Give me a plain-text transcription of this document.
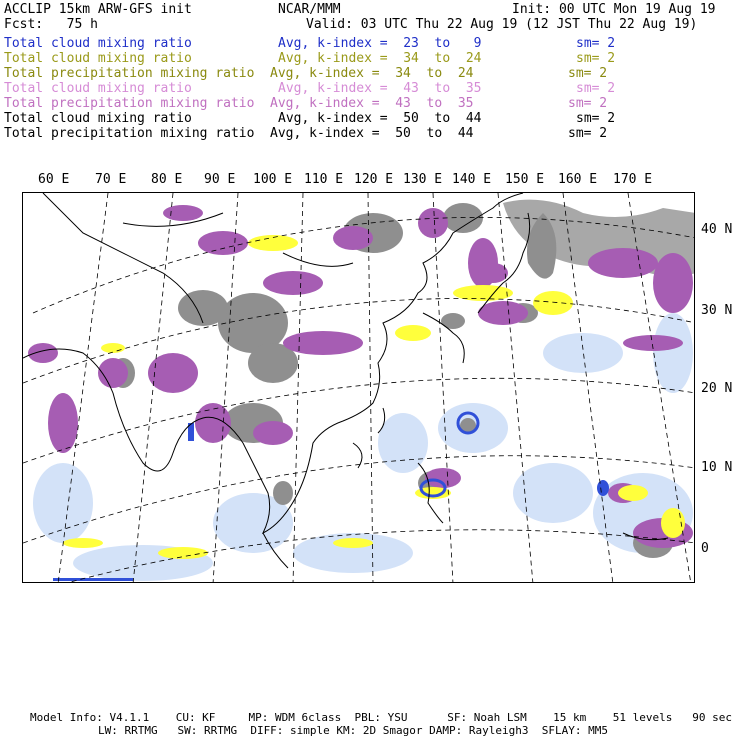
ACCLIP 15km ARW-GFS init	NCAR/MMM	Init: 00 UTC Mon 19 Aug 19
Fcst:   75 h	Valid: 03 UTC Thu 22 Aug 19 (12 JST Thu 22 Aug 19)
Total cloud mixing ratio	Avg, k-index =  23  to   9	sm= 2
Total cloud mixing ratio	Avg, k-index =  34  to  24	sm= 2
Total precipitation mixing ratio Avg, k-index =  34  to  24	sm= 2
Total cloud mixing ratio	Avg, k-index =  43  to  35	sm= 2
Total precipitation mixing ratio Avg, k-index =  43  to  35	sm= 2
Total cloud mixing ratio	Avg, k-index =  50  to  44	sm= 2
Total precipitation mixing ratio Avg, k-index =  50  to  44	sm= 2
60 E 70 E 80 E 90 E 100 E 110 E 120 E 130 E 140 E 150 E 160 E 170 E
40 N
30 N
20 N
10 N
0
Model Info: V4.1.1    CU: KF     MP: WDM 6class  PBL: YSU      SF: Noah LSM    15 km    51 levels   90 sec
LW: RRTMG   SW: RRTMG  DIFF: simple KM: 2D Smagor DAMP: Rayleigh3  SFLAY: MM5
